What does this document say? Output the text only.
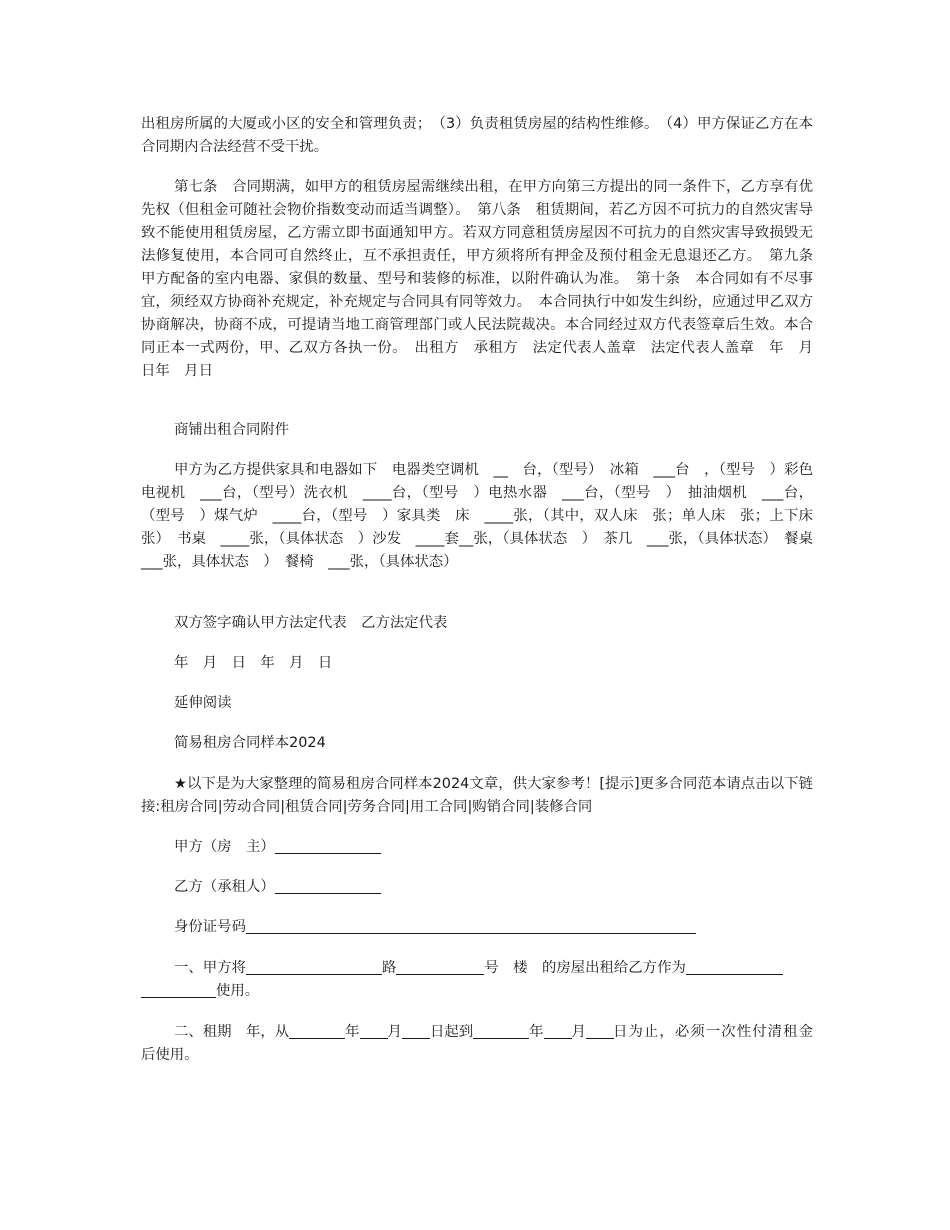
出租房所属的大厦或小区的安全和管理负责；　（3）负责租赁房屋的结构性维修。　（4）甲方保证乙方在本合同期内合法经营不受干扰。

第七条　合同期满，如甲方的租赁房屋需继续出租，在甲方向第三方提出的同一条件下，乙方享有优先权（但租金可随社会物价指数变动而适当调整）。　第八条　租赁期间，若乙方因不可抗力的自然灾害导致不能使用租赁房屋，乙方需立即书面通知甲方。若双方同意租赁房屋因不可抗力的自然灾害导致损毁无法修复使用，本合同可自然终止，互不承担责任，甲方须将所有押金及预付租金无息退还乙方。　第九条　甲方配备的室内电器、家俱的数量、型号和装修的标准，以附件确认为准。　第十条　本合同如有不尽事宜，须经双方协商补充规定，补充规定与合同具有同等效力。　本合同执行中如发生纠纷，应通过甲乙双方协商解决，协商不成，可提请当地工商管理部门或人民法院裁决。本合同经过双方代表签章后生效。本合同正本一式两份，甲、乙双方各执一份。　出租方　承租方　法定代表人盖章　法定代表人盖章　年　月　日年　月日

商铺出租合同附件

甲方为乙方提供家具和电器如下　电器类空调机　__　台，（型号）　冰箱　___台　，（型号　）彩色电视机　___台，（型号）洗衣机　____台，（型号　）电热水器　___台，（型号　）　抽油烟机　___台，（型号　）煤气炉　____台，（型号　）家具类　床　____张，（其中，双人床　张；单人床　张；上下床　张）　书桌　____张，（具体状态　）沙发　____套__张，（具体状态　）　茶几　___张，（具体状态）　餐桌　___张，具体状态　）　餐椅　___张，（具体状态）

双方签字确认甲方法定代表　乙方法定代表

年　月　日　年　月　日

延伸阅读

简易租房合同样本2024

★以下是为大家整理的简易租房合同样本2024文章，供大家参考！[提示]更多合同范本请点击以下链接:租房合同|劳动合同|租赁合同|劳务合同|用工合同|购销合同|装修合同

甲方（房　主）

乙方（承租人）

身份证号码

一、甲方将	路	号　楼　的房屋出租给乙方作为

使用。

二、租期　年，从	年 月 日起到	年 月	日为止，必须一次性付清租金后使用。
